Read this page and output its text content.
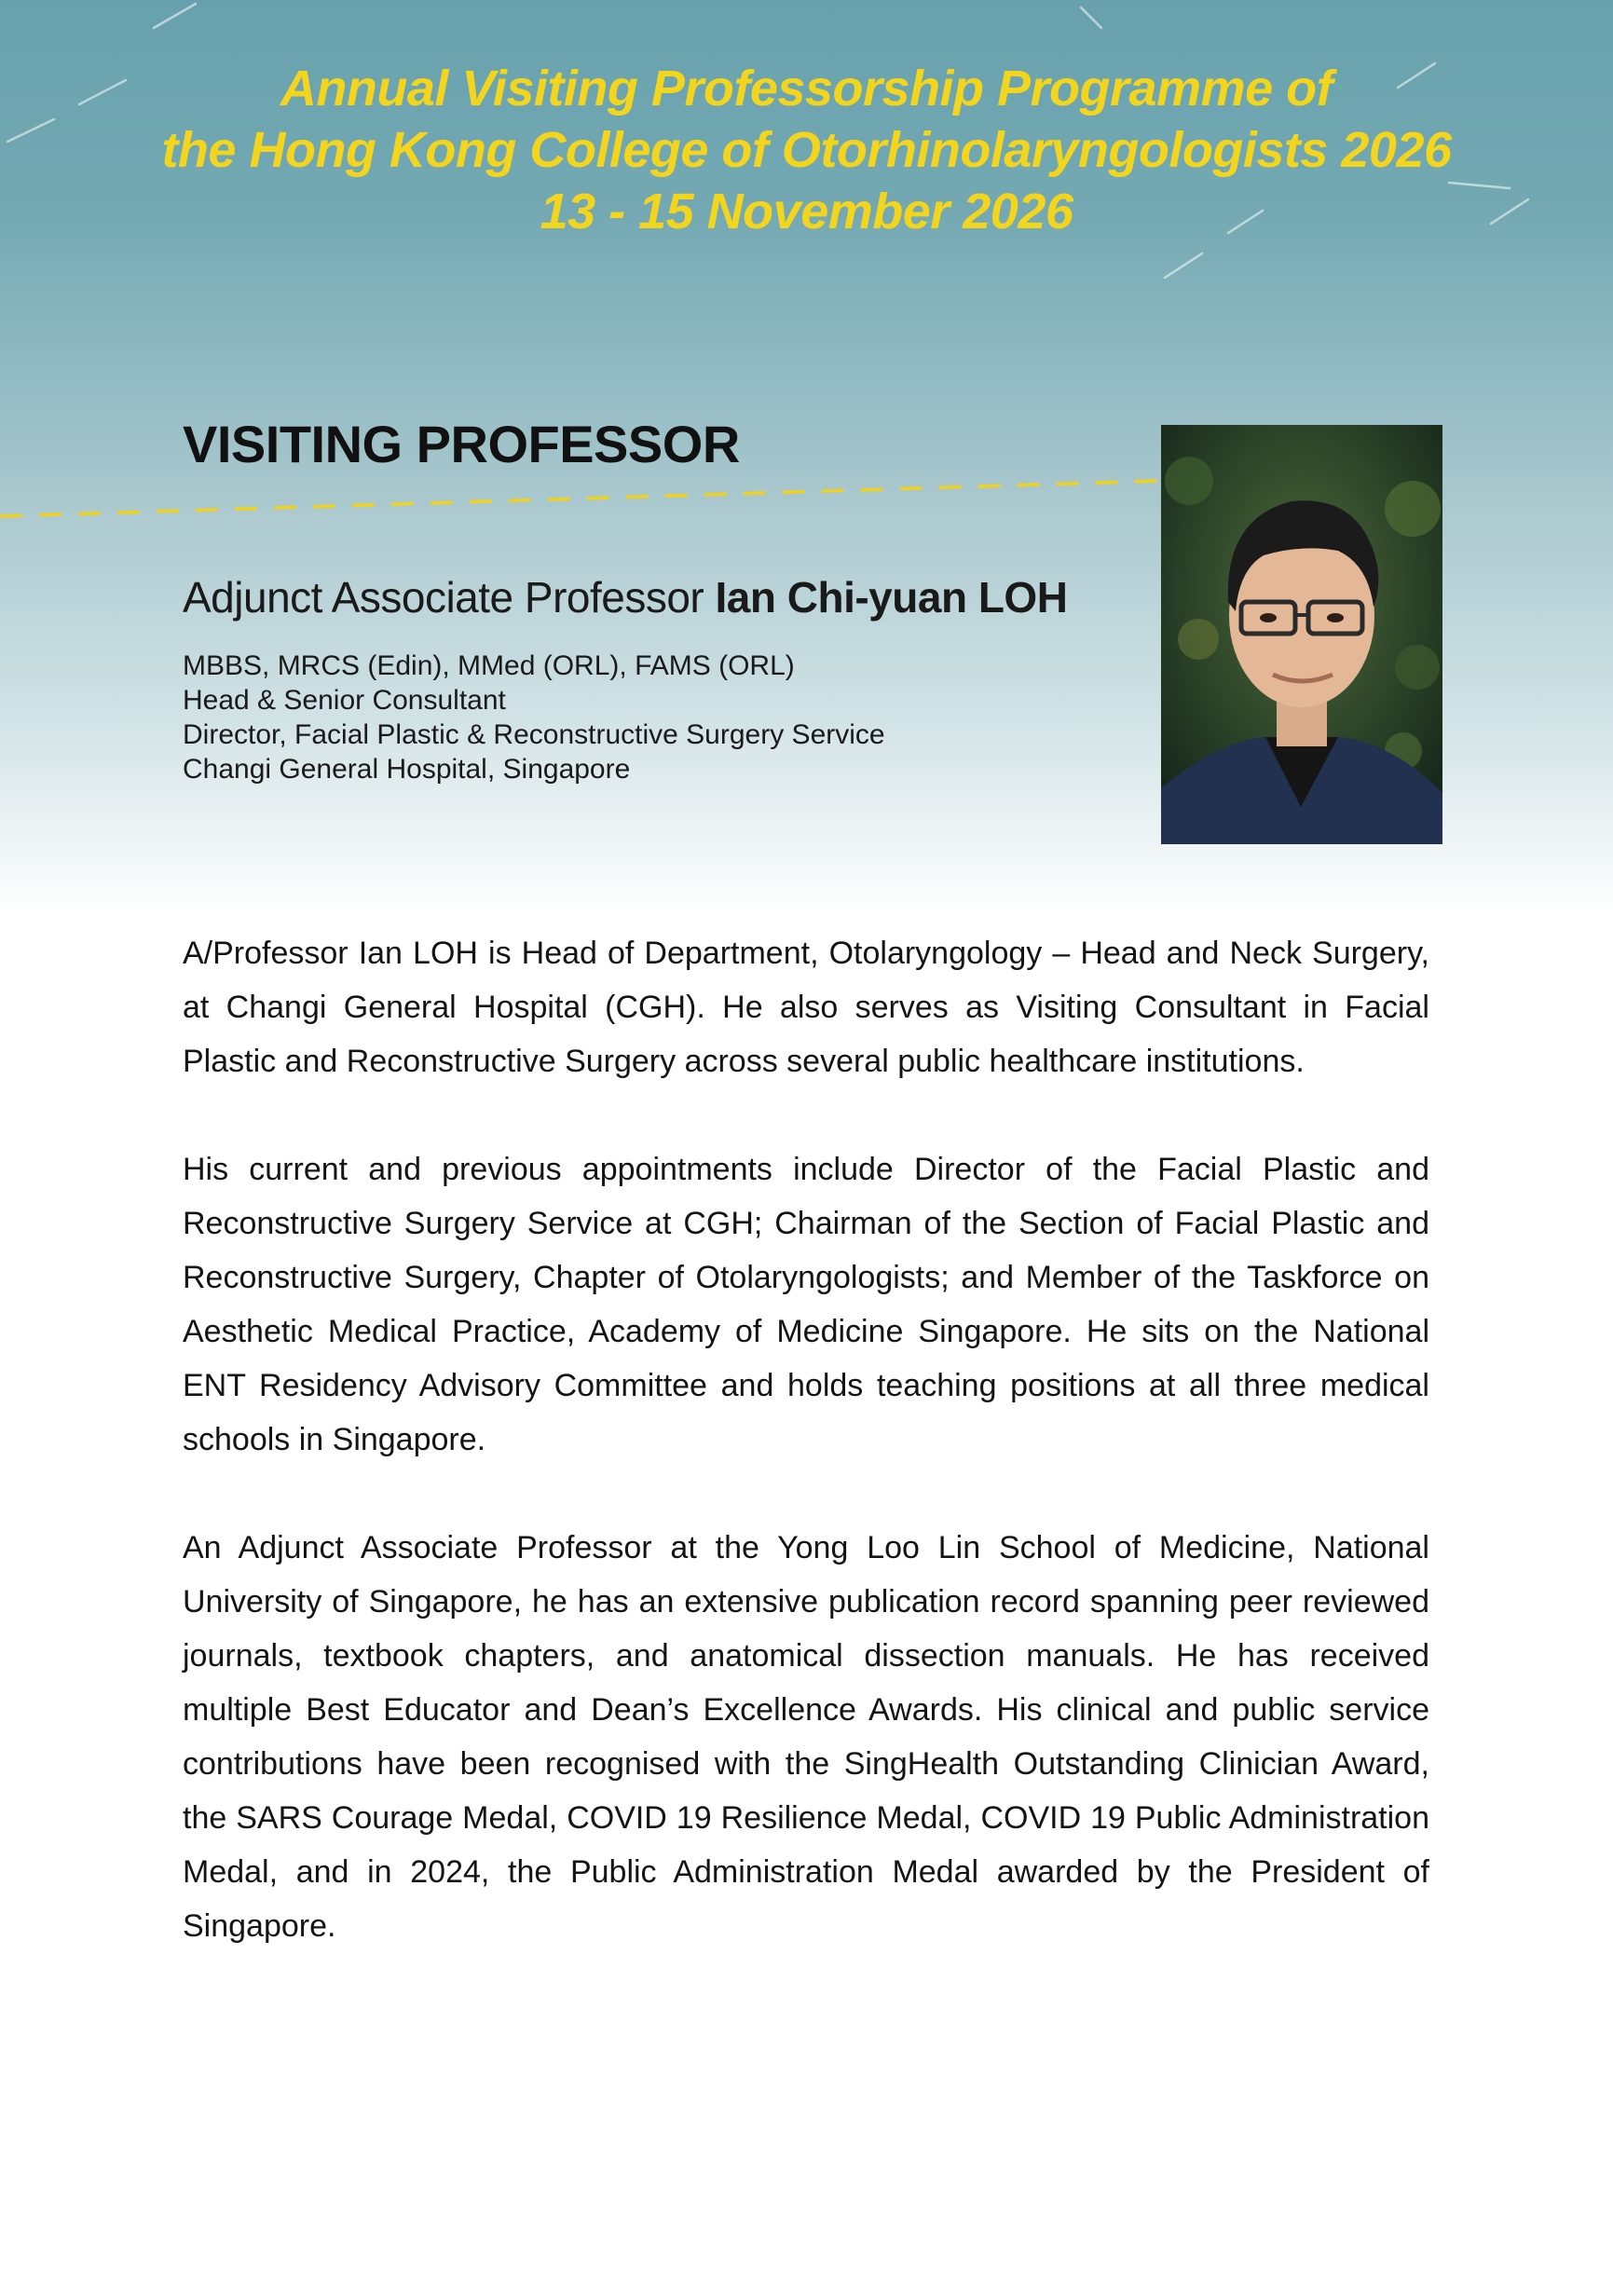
Annual Visiting Professorship Programme of
the Hong Kong College of Otorhinolaryngologists 2026
13 - 15 November 2026
VISITING PROFESSOR
Adjunct Associate Professor Ian Chi-yuan LOH
MBBS, MRCS (Edin), MMed (ORL), FAMS (ORL)
Head & Senior Consultant
Director, Facial Plastic & Reconstructive Surgery Service
Changi General Hospital, Singapore

A/Professor Ian LOH is Head of Department, Otolaryngology – Head and Neck Surgery, at Changi General Hospital (CGH). He also serves as Visiting Consultant in Facial Plastic and Reconstructive Surgery across several public healthcare institutions.

His current and previous appointments include Director of the Facial Plastic and Reconstructive Surgery Service at CGH; Chairman of the Section of Facial Plastic and Reconstructive Surgery, Chapter of Otolaryngologists; and Member of the Taskforce on Aesthetic Medical Practice, Academy of Medicine Singapore. He sits on the National ENT Residency Advisory Committee and holds teaching positions at all three medical schools in Singapore.

An Adjunct Associate Professor at the Yong Loo Lin School of Medicine, National University of Singapore, he has an extensive publication record spanning peer reviewed journals, textbook chapters, and anatomical dissection manuals. He has received multiple Best Educator and Dean’s Excellence Awards. His clinical and public service contributions have been recognised with the SingHealth Outstanding Clinician Award, the SARS Courage Medal, COVID 19 Resilience Medal, COVID 19 Public Administration Medal, and in 2024, the Public Administration Medal awarded by the President of Singapore.
